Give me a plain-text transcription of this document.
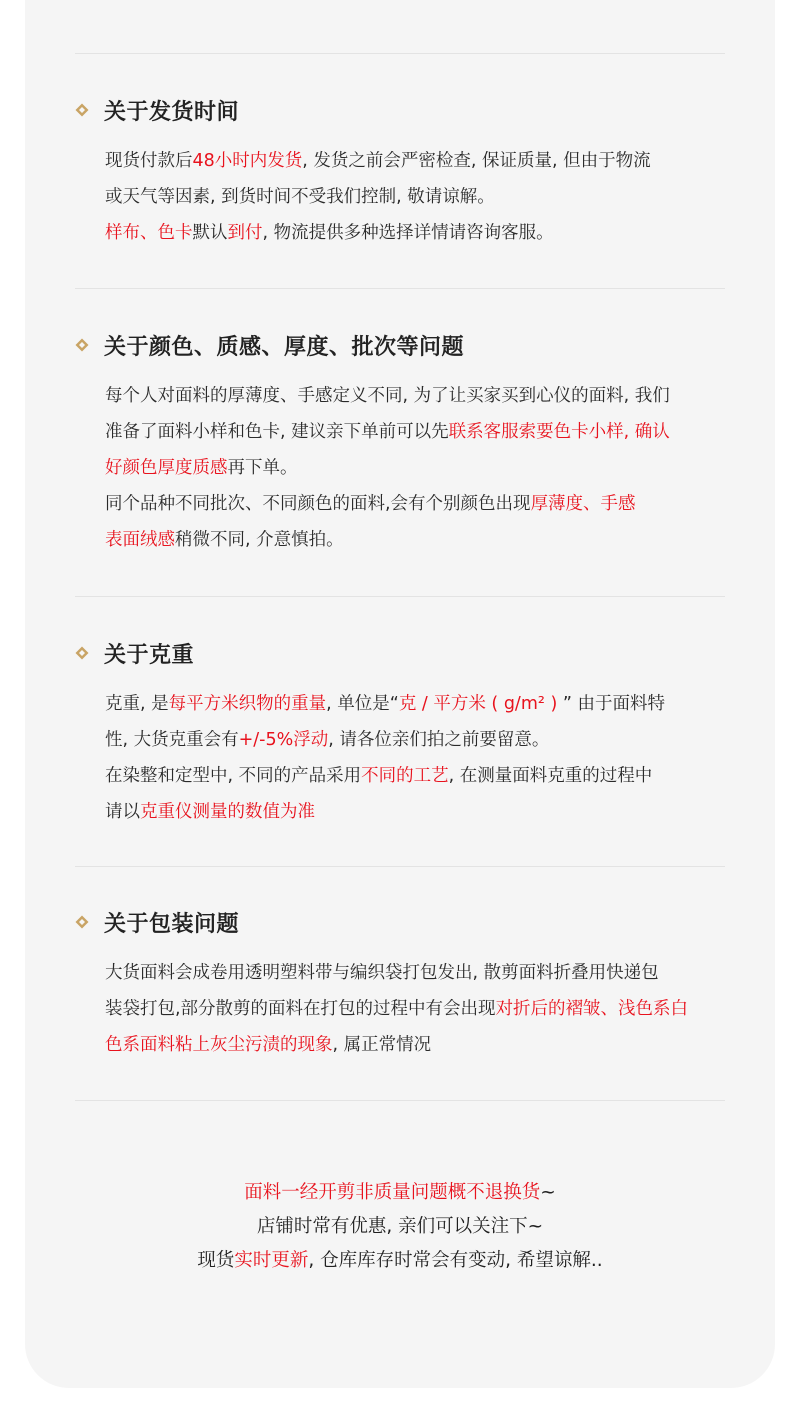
关于发货时间

现货付款后48小时内发货, 发货之前会严密检查, 保证质量, 但由于物流
或天气等因素, 到货时间不受我们控制, 敬请谅解。
样布、色卡默认到付, 物流提供多种选择详情请咨询客服。

关于颜色、质感、厚度、批次等问题

每个人对面料的厚薄度、手感定义不同, 为了让买家买到心仪的面料, 我们
准备了面料小样和色卡, 建议亲下单前可以先联系客服索要色卡小样, 确认
好颜色厚度质感再下单。
同个品种不同批次、不同颜色的面料,会有个别颜色出现厚薄度、手感
表面绒感稍微不同, 介意慎拍。

关于克重

克重, 是每平方米织物的重量, 单位是“克 / 平方米 ( g/m² ) ” 由于面料特
性, 大货克重会有+/-5%浮动, 请各位亲们拍之前要留意。
在染整和定型中, 不同的产品采用不同的工艺, 在测量面料克重的过程中
请以克重仪测量的数值为准

关于包装问题

大货面料会成卷用透明塑料带与编织袋打包发出, 散剪面料折叠用快递包
装袋打包,部分散剪的面料在打包的过程中有会出现对折后的褶皱、浅色系白
色系面料粘上灰尘污渍的现象, 属正常情况

面料一经开剪非质量问题概不退换货~
店铺时常有优惠, 亲们可以关注下~
现货实时更新, 仓库库存时常会有变动, 希望谅解..
